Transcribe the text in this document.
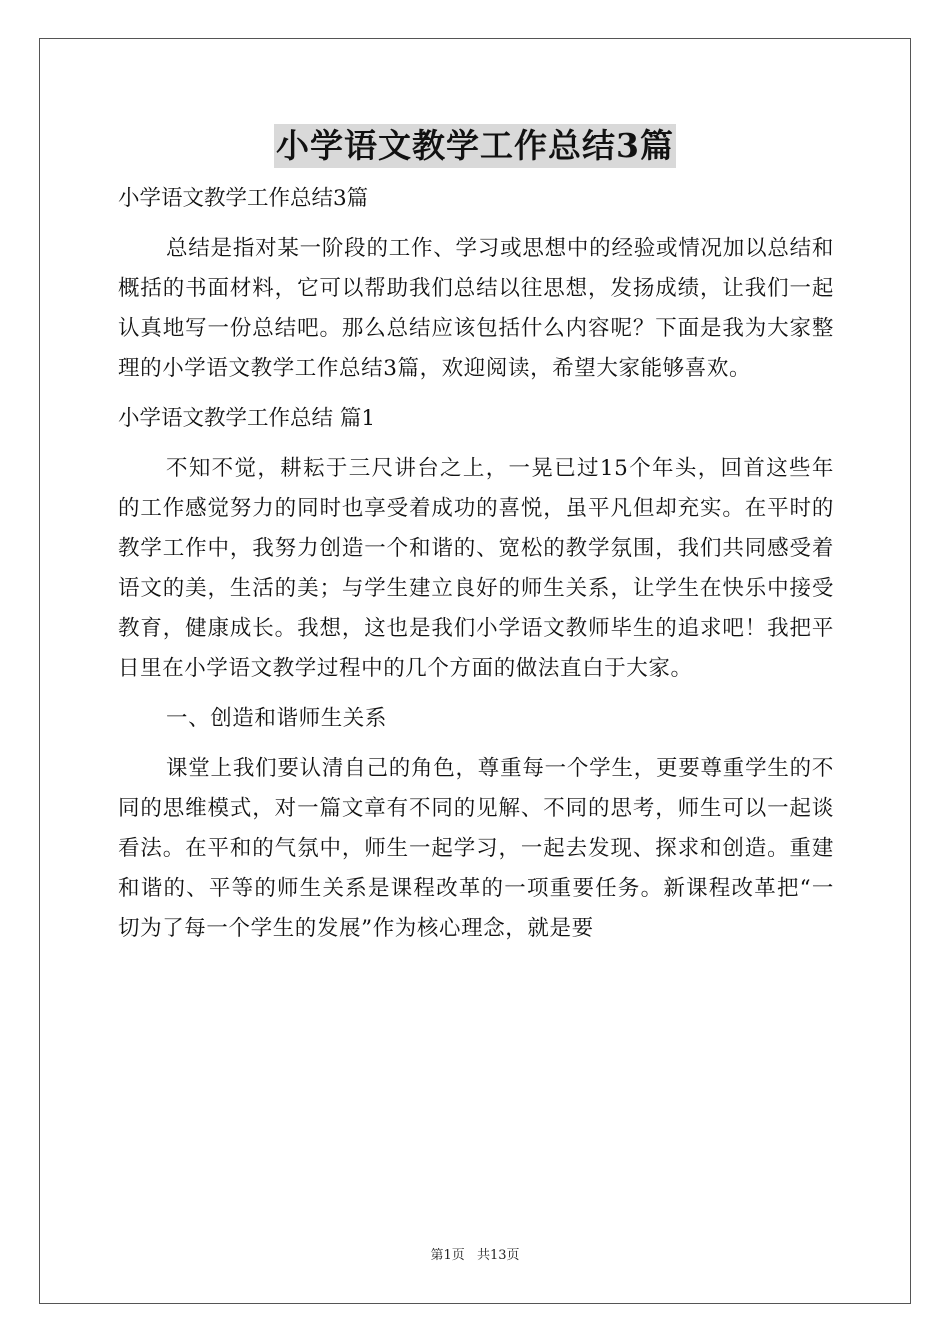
小学语文教学工作总结3篇

小学语文教学工作总结3篇

总结是指对某一阶段的工作、学习或思想中的经验或情况加以总结和概括的书面材料，它可以帮助我们总结以往思想，发扬成绩，让我们一起认真地写一份总结吧。那么总结应该包括什么内容呢？下面是我为大家整理的小学语文教学工作总结3篇，欢迎阅读，希望大家能够喜欢。

小学语文教学工作总结 篇1

不知不觉，耕耘于三尺讲台之上，一晃已过15个年头，回首这些年的工作感觉努力的同时也享受着成功的喜悦，虽平凡但却充实。在平时的教学工作中，我努力创造一个和谐的、宽松的教学氛围，我们共同感受着语文的美，生活的美；与学生建立良好的师生关系，让学生在快乐中接受教育，健康成长。我想，这也是我们小学语文教师毕生的追求吧！我把平日里在小学语文教学过程中的几个方面的做法直白于大家。

一、创造和谐师生关系

课堂上我们要认清自己的角色，尊重每一个学生，更要尊重学生的不同的思维模式，对一篇文章有不同的见解、不同的思考，师生可以一起谈看法。在平和的气氛中，师生一起学习，一起去发现、探求和创造。重建和谐的、平等的师生关系是课程改革的一项重要任务。新课程改革把“一切为了每一个学生的发展”作为核心理念，就是要

第1页 共13页
